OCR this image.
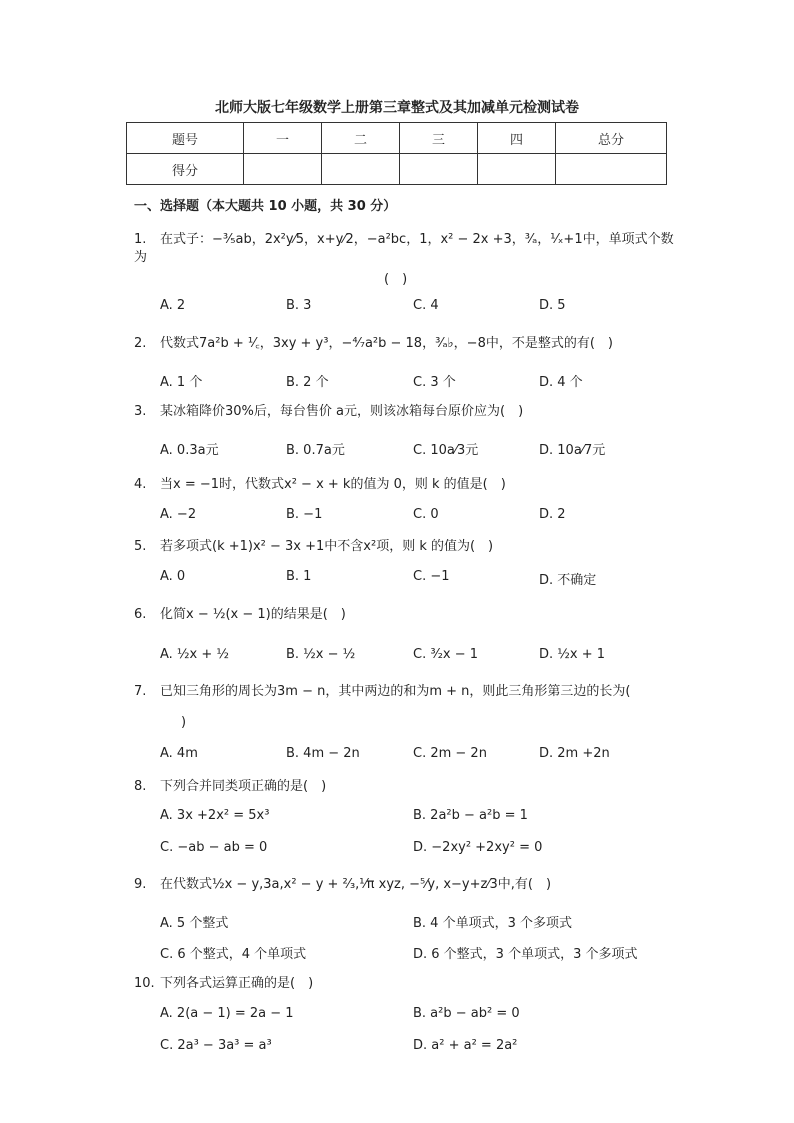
北师大版七年级数学上册第三章整式及其加减单元检测试卷
题号	一	二	三	四	总分
得分					
一、选择题（本大题共 10 小题，共 30 分）
1. 在式子：−³⁄₅ab，2x²y⁄5，x+y⁄2，−a²bc，1，x² − 2x +3，³⁄ₐ，¹⁄ₓ+1中，单项式个数为
(　)
A. 2	B. 3	C. 4	D. 5
2. 代数式7a²b + ¹⁄꜀，3xy + y³，−⁴⁄₇a²b − 18，³⁄ₐ♭，−8中，不是整式的有(　)
A. 1 个	B. 2 个	C. 3 个	D. 4 个
3. 某冰箱降价30%后，每台售价 a元，则该冰箱每台原价应为(　)
A. 0.3a元	B. 0.7a元	C. 10a⁄3元	D. 10a⁄7元
4. 当x = −1时，代数式x² − x + k的值为 0，则 k 的值是(　)
A. −2	B. −1	C. 0	D. 2
5. 若多项式(k +1)x² − 3x +1中不含x²项，则 k 的值为(　)
A. 0	B. 1	C. −1	D. 不确定
6. 化简x − ½(x − 1)的结果是(　)
A. ½x + ½	B. ½x − ½	C. ³⁄₂x − 1	D. ½x + 1
7. 已知三角形的周长为3m − n，其中两边的和为m + n，则此三角形第三边的长为(
)
A. 4m	B. 4m − 2n	C. 2m − 2n	D. 2m +2n
8. 下列合并同类项正确的是(　)
A. 3x +2x² = 5x³	B. 2a²b − a²b = 1
C. −ab − ab = 0	D. −2xy² +2xy² = 0
9. 在代数式½x − y,3a,x² − y + ²⁄₃,¹⁄π xyz, −⁵⁄y, x−y+z⁄3中,有(　)
A. 5 个整式	B. 4 个单项式，3 个多项式
C. 6 个整式，4 个单项式	D. 6 个整式，3 个单项式，3 个多项式
10. 下列各式运算正确的是(　)
A. 2(a − 1) = 2a − 1	B. a²b − ab² = 0
C. 2a³ − 3a³ = a³	D. a² + a² = 2a²
